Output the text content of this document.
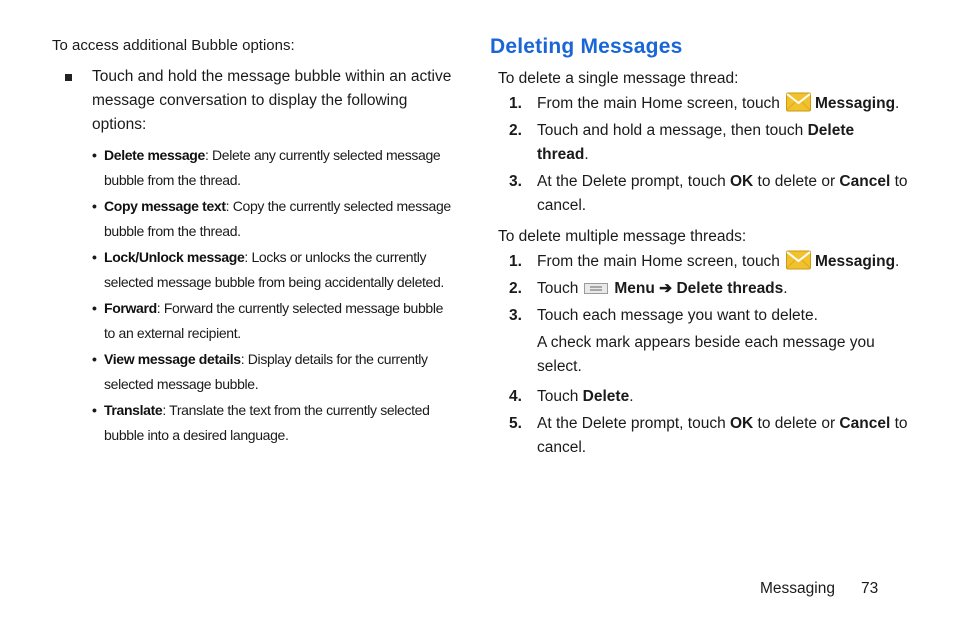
To access additional Bubble options:
Touch and hold the message bubble within an active message conversation to display the following options:
• Delete message: Delete any currently selected message bubble from the thread.
• Copy message text: Copy the currently selected message bubble from the thread.
• Lock/Unlock message: Locks or unlocks the currently selected message bubble from being accidentally deleted.
• Forward: Forward the currently selected message bubble to an external recipient.
• View message details: Display details for the currently selected message bubble.
• Translate: Translate the text from the currently selected bubble into a desired language.
Deleting Messages
To delete a single message thread:
1. From the main Home screen, touch Messaging.
2. Touch and hold a message, then touch Delete thread.
3. At the Delete prompt, touch OK to delete or Cancel to cancel.
To delete multiple message threads:
1. From the main Home screen, touch Messaging.
2. Touch Menu ➔ Delete threads.
3. Touch each message you want to delete.
A check mark appears beside each message you select.
4. Touch Delete.
5. At the Delete prompt, touch OK to delete or Cancel to cancel.
Messaging 73
